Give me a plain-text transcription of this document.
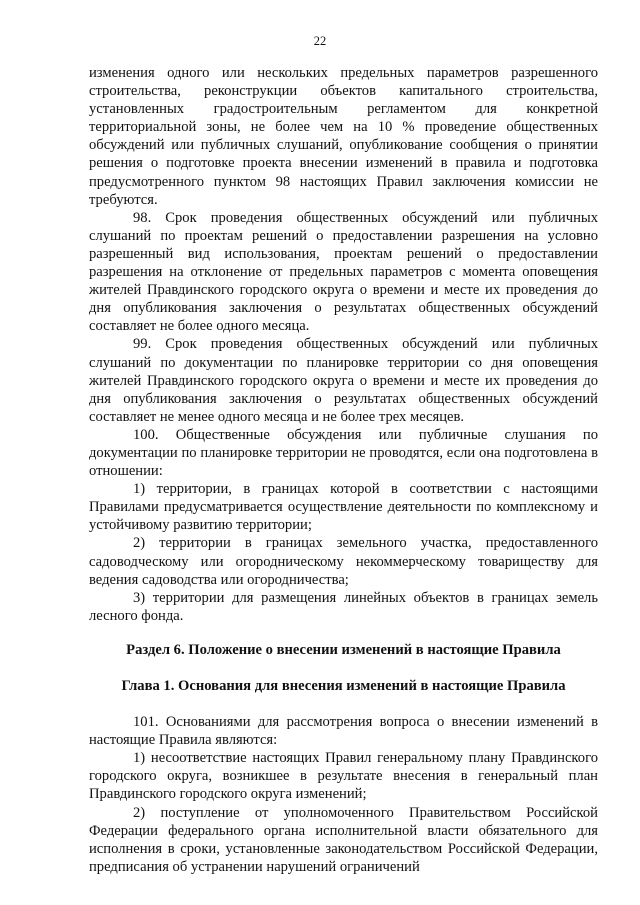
22

изменения одного или нескольких предельных параметров разрешенного строительства, реконструкции объектов капитального строительства, установленных градостроительным регламентом для конкретной территориальной зоны, не более чем на 10 % проведение общественных обсуждений или публичных слушаний, опубликование сообщения о принятии решения о подготовке проекта внесении изменений в правила и подготовка предусмотренного пунктом 98 настоящих Правил заключения комиссии не требуются.

98. Срок проведения общественных обсуждений или публичных слушаний по проектам решений о предоставлении разрешения на условно разрешенный вид использования, проектам решений о предоставлении разрешения на отклонение от предельных параметров с момента оповещения жителей Правдинского городского округа о времени и месте их проведения до дня опубликования заключения о результатах общественных обсуждений составляет не более одного месяца.

99. Срок проведения общественных обсуждений или публичных слушаний по документации по планировке территории со дня оповещения жителей Правдинского городского округа о времени и месте их проведения до дня опубликования заключения о результатах общественных обсуждений составляет не менее одного месяца и не более трех месяцев.

100. Общественные обсуждения или публичные слушания по документации по планировке территории не проводятся, если она подготовлена в отношении:

1) территории, в границах которой в соответствии с настоящими Правилами предусматривается осуществление деятельности по комплексному и устойчивому развитию территории;

2) территории в границах земельного участка, предоставленного садоводческому или огородническому некоммерческому товариществу для ведения садоводства или огородничества;

3) территории для размещения линейных объектов в границах земель лесного фонда.

Раздел 6. Положение о внесении изменений в настоящие Правила

Глава 1. Основания для внесения изменений в настоящие Правила

101. Основаниями для рассмотрения вопроса о внесении изменений в настоящие Правила являются:

1) несоответствие настоящих Правил генеральному плану Правдинского городского округа, возникшее в результате внесения в генеральный план Правдинского городского округа изменений;

2) поступление от уполномоченного Правительством Российской Федерации федерального органа исполнительной власти обязательного для исполнения в сроки, установленные законодательством Российской Федерации, предписания об устранении нарушений ограничений
